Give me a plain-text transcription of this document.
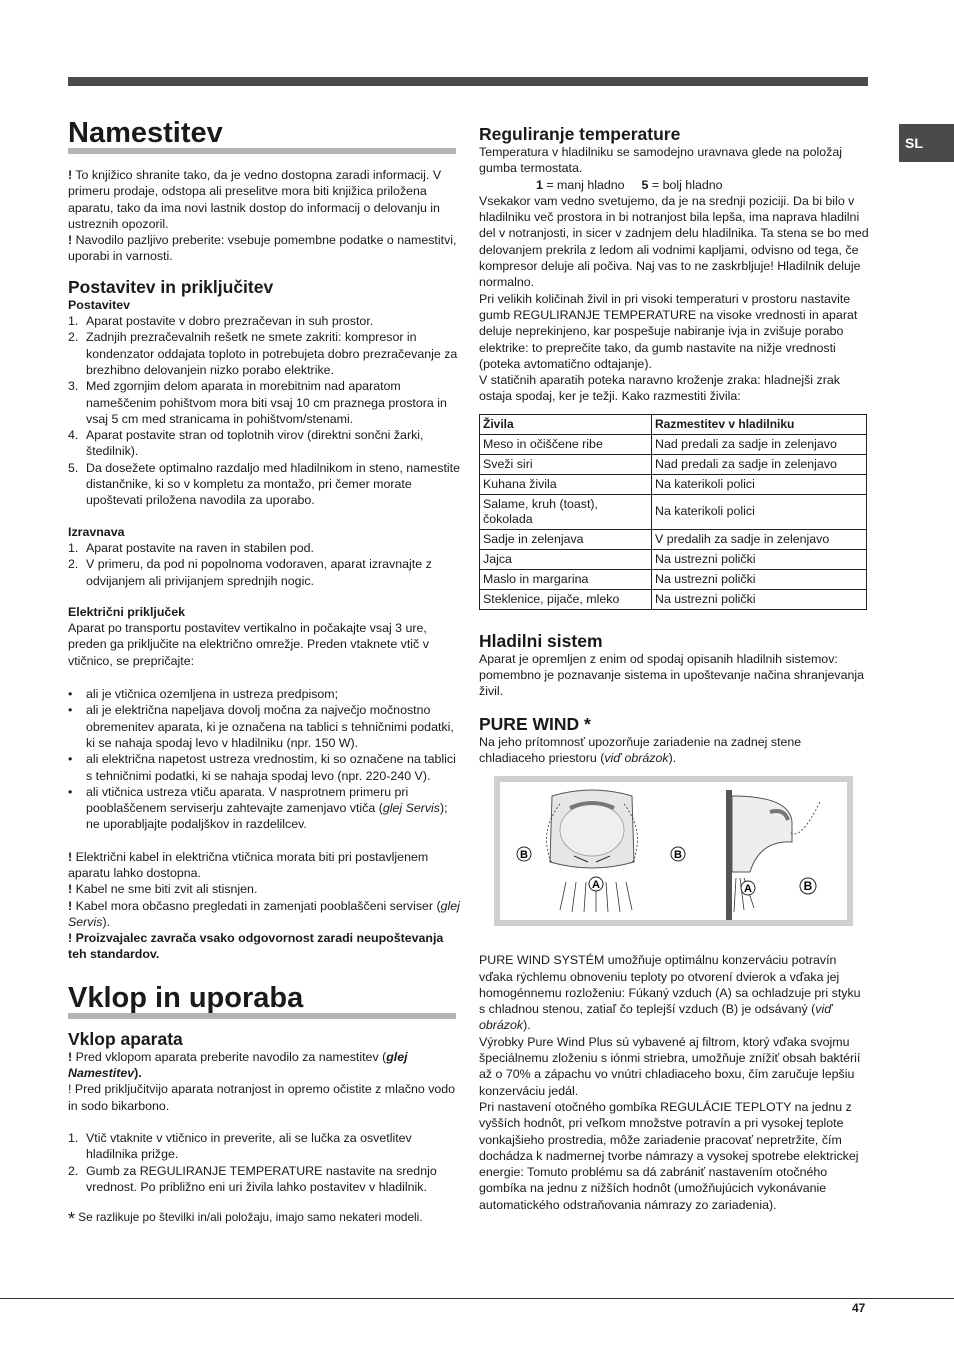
SL
Namestitev

! To knjižico shranite tako, da je vedno dostopna zaradi informacij. V primeru prodaje, odstopa ali preselitve mora biti knjižica priložena aparatu, tako da ima novi lastnik dostop do informacij o delovanju in ustreznih opozoril.

! Navodilo pazljivo preberite: vsebuje pomembne podatke o namestitvi, uporabi in varnosti.

Postavitev in priključitev
Postavitev
1. Aparat postavite v dobro prezračevan in suh prostor.
2. Zadnjih prezračevalnih rešetk ne smete zakriti: kompresor in kondenzator oddajata toploto in potrebujeta dobro prezračevanje za brezhibno delovanjein nizko porabo elektrike.
3. Med zgornjim delom aparata in morebitnim nad aparatom nameščenim pohištvom mora biti vsaj 10 cm praznega prostora in vsaj 5 cm med stranicama in pohištvom/stenami.
4. Aparat postavite stran od toplotnih virov (direktni sončni žarki, štedilnik).
5. Da dosežete optimalno razdaljo med hladilnikom in steno, namestite distančnike, ki so v kompletu za montažo, pri čemer morate upoštevati priložena navodila za uporabo.
Izravnava
1. Aparat postavite na raven in stabilen pod.
2. V primeru, da pod ni popolnoma vodoraven, aparat izravnajte z odvijanjem ali privijanjem sprednjih nogic.
Električni priključek

Aparat po transportu postavitev vertikalno in počakajte vsaj 3 ure, preden ga priključite na električno omrežje. Preden vtaknete vtič v vtičnico, se prepričajte:

• ali je vtičnica ozemljena in ustreza predpisom;
• ali je električna napeljava dovolj močna za največjo močnostno obremenitev aparata, ki je označena na tablici s tehničnimi podatki, ki se nahaja spodaj levo v hladilniku (npr. 150 W).
• ali električna napetost ustreza vrednostim, ki so označene na tablici s tehničnimi podatki, ki se nahaja spodaj levo (npr. 220-240 V).
• ali vtičnica ustreza vtiču aparata. V nasprotnem primeru pri pooblaščenem serviserju zahtevajte zamenjavo vtiča (glej Servis); ne uporabljajte podaljškov in razdelilcev.

! Električni kabel in električna vtičnica morata biti pri postavljenem aparatu lahko dostopna.

! Kabel ne sme biti zvit ali stisnjen.

! Kabel mora občasno pregledati in zamenjati pooblaščeni serviser (glej Servis).

! Proizvajalec zavrača vsako odgovornost zaradi neupoštevanja teh standardov.

Vklop in uporaba
Vklop aparata

! Pred vklopom aparata preberite navodilo za namestitev (glej Namestitev).

! Pred priključitvijo aparata notranjost in opremo očistite z mlačno vodo in sodo bikarbono.

1. Vtič vtaknite v vtičnico in preverite, ali se lučka za osvetlitev hladilnika prižge.
2. Gumb za REGULIRANJE TEMPERATURE nastavite na srednjo vrednost. Po približno eni uri živila lahko postavitev v hladilnik.

* Se razlikuje po številki in/ali položaju, imajo samo nekateri modeli.

Reguliranje temperature

Temperatura v hladilniku se samodejno uravnava glede na položaj gumba termostata.

1 = manj hladno 5 = bolj hladno

Vsekakor vam vedno svetujemo, da je na srednji poziciji. Da bi bilo v hladilniku več prostora in bi notranjost bila lepša, ima naprava hladilni del v notranjosti, in sicer v zadnjem delu hladilnika. Ta stena se bo med delovanjem prekrila z ledom ali vodnimi kapljami, odvisno od tega, če kompresor deluje ali počiva. Naj vas to ne zaskrbljuje! Hladilnik deluje normalno.

Pri velikih količinah živil in pri visoki temperaturi v prostoru nastavite gumb REGULIRANJE TEMPERATURE na visoke vrednosti in aparat deluje neprekinjeno, kar pospešuje nabiranje ivja in zvišuje porabo elektrike: to preprečite tako, da gumb nastavite na nižje vrednosti (poteka avtomatično odtajanje).

V statičnih aparatih poteka naravno kroženje zraka: hladnejši zrak ostaja spodaj, ker je težji. Kako razmestiti živila:

Živila	Razmestitev v hladilniku
Meso in očiščene ribe	Nad predali za sadje in zelenjavo
Sveži siri	Nad predali za sadje in zelenjavo
Kuhana živila	Na katerikoli polici
Salame, kruh (toast), čokolada	Na katerikoli polici
Sadje in zelenjava	V predalih za sadje in zelenjavo
Jajca	Na ustrezni polički
Maslo in margarina	Na ustrezni polički
Steklenice, pijače, mleko	Na ustrezni polički
Hladilni sistem

Aparat je opremljen z enim od spodaj opisanih hladilnih sistemov: pomembno je poznavanje sistema in upoštevanje načina shranjevanja živil.

PURE WIND *

Na jeho prítomnosť upozorňuje zariadenie na zadnej stene chladiaceho priestoru (viď obrázok).

B	B
A	A	B

PURE WIND SYSTÉM umožňuje optimálnu konzerváciu potravín vďaka rýchlemu obnoveniu teploty po otvorení dvierok a vďaka jej homogénnemu rozloženiu: Fúkaný vzduch (A) sa ochladzuje pri styku s chladnou stenou, zatiaľ čo teplejší vzduch (B) je odsávaný (viď obrázok).

Výrobky Pure Wind Plus sú vybavené aj filtrom, ktorý vďaka svojmu špeciálnemu zloženiu s iónmi striebra, umožňuje znížiť obsah baktérií až o 70% a zápachu vo vnútri chladiaceho boxu, čím zaručuje lepšiu konzerváciu jedál.

Pri nastavení otočného gombíka REGULÁCIE TEPLOTY na jednu z vyšších hodnôt, pri veľkom množstve potravín a pri vysokej teplote vonkajšieho prostredia, môže zariadenie pracovať nepretržite, čím dochádza k nadmernej tvorbe námrazy a vysokej spotrebe elektrickej energie: Tomuto problému sa dá zabrániť nastavením otočného gombíka na jednu z nižších hodnôt (umožňujúcich vykonávanie automatického odstraňovania námrazy zo zariadenia).

47
